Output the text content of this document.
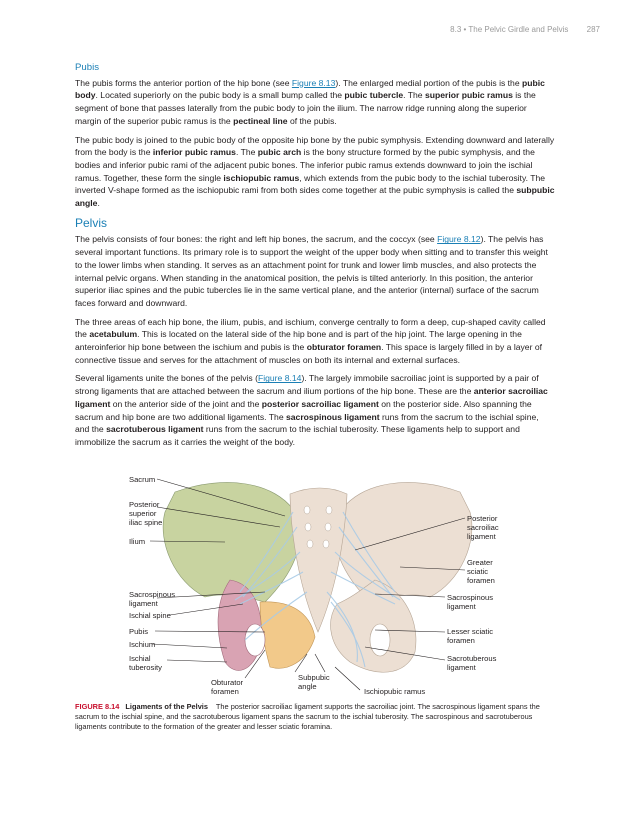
8.3 • The Pelvic Girdle and Pelvis 287
Pubis

The pubis forms the anterior portion of the hip bone (see Figure 8.13). The enlarged medial portion of the pubis is the pubic body. Located superiorly on the pubic body is a small bump called the pubic tubercle. The superior pubic ramus is the segment of bone that passes laterally from the pubic body to join the ilium. The narrow ridge running along the superior margin of the superior pubic ramus is the pectineal line of the pubis.

The pubic body is joined to the pubic body of the opposite hip bone by the pubic symphysis. Extending downward and laterally from the body is the inferior pubic ramus. The pubic arch is the bony structure formed by the pubic symphysis, and the bodies and inferior pubic rami of the adjacent pubic bones. The inferior pubic ramus extends downward to join the ischial ramus. Together, these form the single ischiopubic ramus, which extends from the pubic body to the ischial tuberosity. The inverted V-shape formed as the ischiopubic rami from both sides come together at the pubic symphysis is called the subpubic angle.

Pelvis

The pelvis consists of four bones: the right and left hip bones, the sacrum, and the coccyx (see Figure 8.12). The pelvis has several important functions. Its primary role is to support the weight of the upper body when sitting and to transfer this weight to the lower limbs when standing. It serves as an attachment point for trunk and lower limb muscles, and also protects the internal pelvic organs. When standing in the anatomical position, the pelvis is tilted anteriorly. In this position, the anterior superior iliac spines and the pubic tubercles lie in the same vertical plane, and the anterior (internal) surface of the sacrum faces forward and downward.

The three areas of each hip bone, the ilium, pubis, and ischium, converge centrally to form a deep, cup-shaped cavity called the acetabulum. This is located on the lateral side of the hip bone and is part of the hip joint. The large opening in the anteroinferior hip bone between the ischium and pubis is the obturator foramen. This space is largely filled in by a layer of connective tissue and serves for the attachment of muscles on both its internal and external surfaces.

Several ligaments unite the bones of the pelvis (Figure 8.14). The largely immobile sacroiliac joint is supported by a pair of strong ligaments that are attached between the sacrum and ilium portions of the hip bone. These are the anterior sacroiliac ligament on the anterior side of the joint and the posterior sacroiliac ligament on the posterior side. Also spanning the sacrum and hip bone are two additional ligaments. The sacrospinous ligament runs from the sacrum to the ischial spine, and the sacrotuberous ligament runs from the sacrum to the ischial tuberosity. These ligaments help to support and immobilize the sacrum as it carries the weight of the body.

Sacrum
Posterior
superior
iliac spine
Ilium
Sacrospinous
ligament
Ischial spine
Pubis
Ischium
Ischial
tuberosity
Obturator
foramen
Subpubic
angle
Ischiopubic ramus
Posterior
sacroiliac
ligament
Greater
sciatic
foramen
Sacrospinous
ligament
Lesser sciatic
foramen
Sacrotuberous
ligament
FIGURE 8.14 Ligaments of the Pelvis The posterior sacroiliac ligament supports the sacroiliac joint. The sacrospinous ligament spans the sacrum to the ischial spine, and the sacrotuberous ligament spans the sacrum to the ischial tuberosity. The sacrospinous and sacrotuberous ligaments contribute to the formation of the greater and lesser sciatic foramina.
